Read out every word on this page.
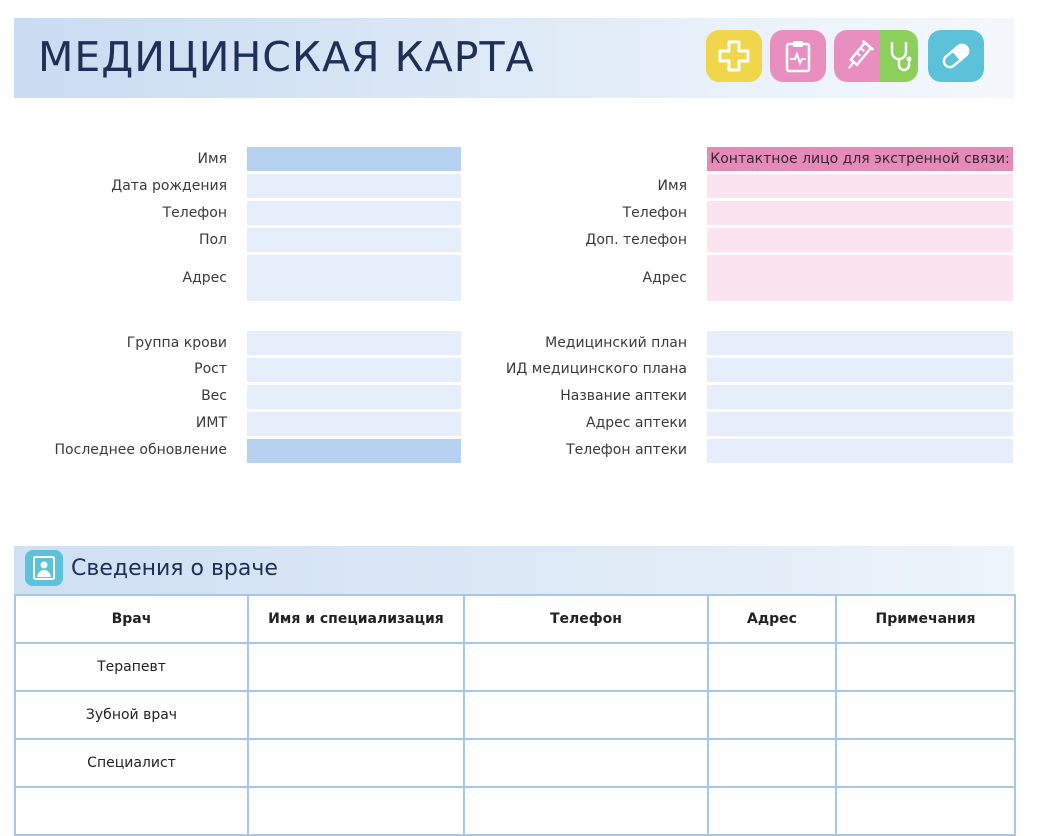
МЕДИЦИНСКАЯ КАРТА
Имя
Дата рождения
Телефон
Пол
Адрес
Контактное лицо для экстренной связи:
Имя
Телефон
Доп. телефон
Адрес
Группа крови
Рост
Вес
ИМТ
Последнее обновление
Медицинский план
ИД медицинского плана
Название аптеки
Адрес аптеки
Телефон аптеки
Сведения о враче
Врач	Имя и специализация	Телефон	Адрес	Примечания
Терапевт				
Зубной врач				
Специалист				
